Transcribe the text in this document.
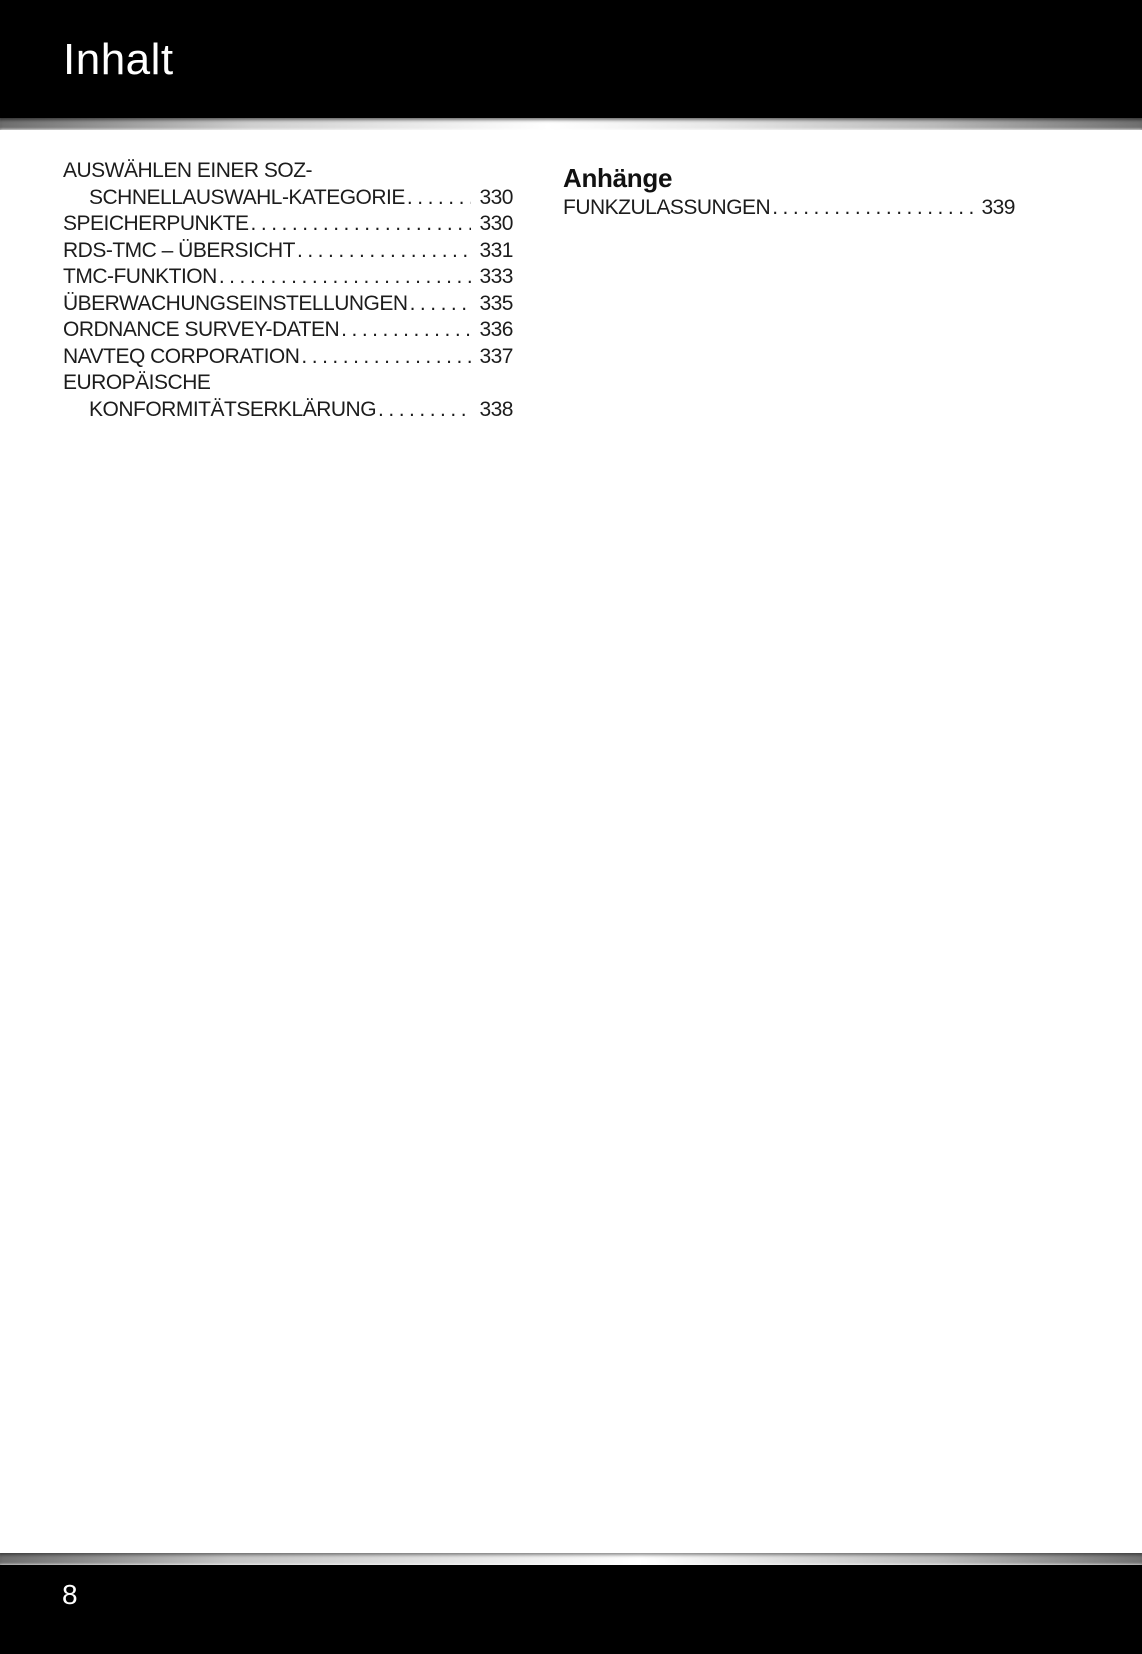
Inhalt
AUSWÄHLEN EINER SOZ-
SCHNELLAUSWAHL-KATEGORIE .....	330
SPEICHERPUNKTE .....	330
RDS-TMC – ÜBERSICHT .....	331
TMC-FUNKTION .....	333
ÜBERWACHUNGSEINSTELLUNGEN .....	335
ORDNANCE SURVEY-DATEN .....	336
NAVTEQ CORPORATION .....	337
EUROPÄISCHE
KONFORMITÄTSERKLÄRUNG .....	338
Anhänge
FUNKZULASSUNGEN .....	339
8
